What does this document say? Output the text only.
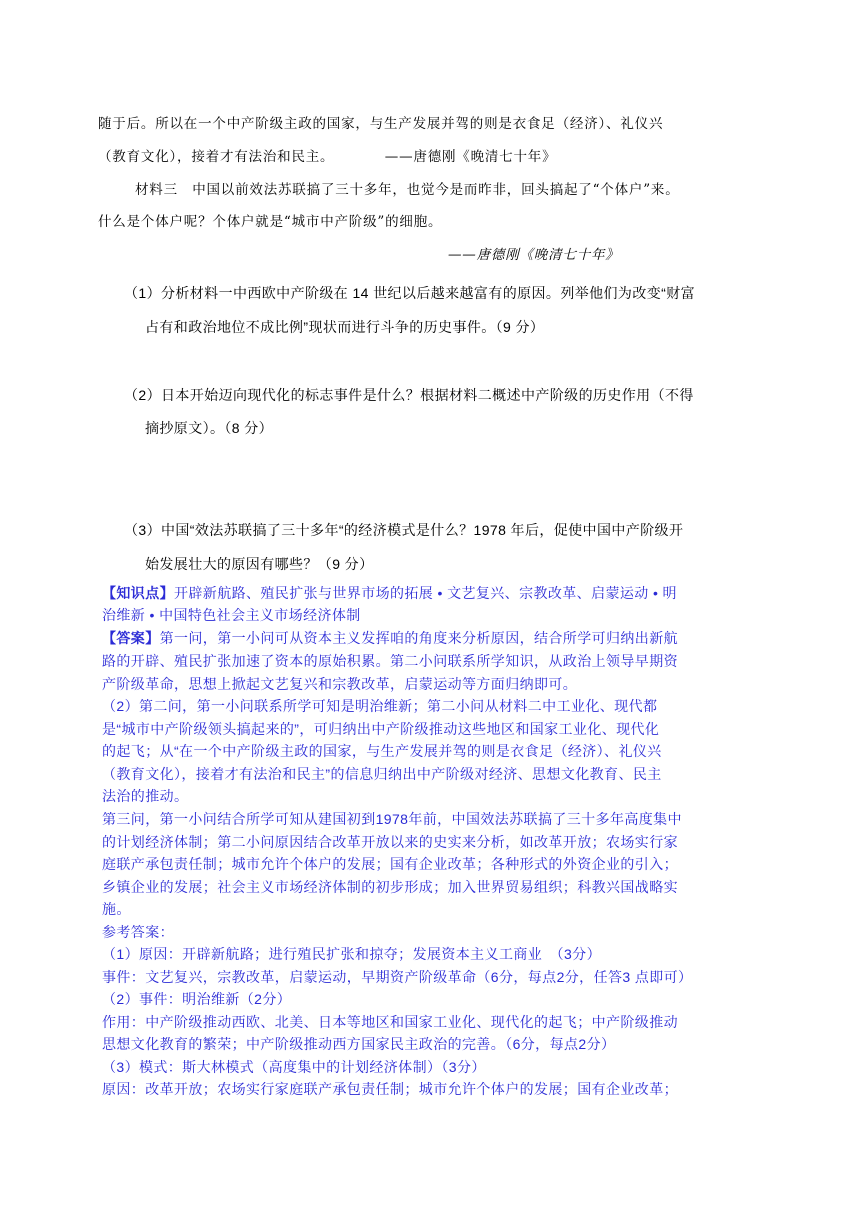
随于后。所以在一个中产阶级主政的国家，与生产发展并驾的则是衣食足（经济）、礼仪兴
（教育文化），接着才有法治和民主。　　　　——唐德刚《晚清七十年》
材料三　中国以前效法苏联搞了三十多年，也觉今是而昨非，回头搞起了“个体户”来。
什么是个体户呢？个体户就是“城市中产阶级”的细胞。
——唐德刚《晚清七十年》
（1）分析材料一中西欧中产阶级在 14 世纪以后越来越富有的原因。列举他们为改变“财富
占有和政治地位不成比例”现状而进行斗争的历史事件。（9 分）
（2）日本开始迈向现代化的标志事件是什么？根据材料二概述中产阶级的历史作用（不得
摘抄原文）。（8 分）
（3）中国“效法苏联搞了三十多年“的经济模式是什么？1978 年后，促使中国中产阶级开
始发展壮大的原因有哪些？（9 分）
【知识点】开辟新航路、殖民扩张与世界市场的拓展 • 文艺复兴、宗教改革、启蒙运动 • 明
治维新 • 中国特色社会主义市场经济体制
【答案】第一问，第一小问可从资本主义发挥咱的角度来分析原因，结合所学可归纳出新航
路的开辟、殖民扩张加速了资本的原始积累。第二小问联系所学知识，从政治上领导早期资
产阶级革命，思想上掀起文艺复兴和宗教改革，启蒙运动等方面归纳即可。
（2）第二问，第一小问联系所学可知是明治维新；第二小问从材料二中工业化、现代都
是“城市中产阶级领头搞起来的”，可归纳出中产阶级推动这些地区和国家工业化、现代化
的起飞；从“在一个中产阶级主政的国家，与生产发展并驾的则是衣食足（经济）、礼仪兴
（教育文化），接着才有法治和民主”的信息归纳出中产阶级对经济、思想文化教育、民主
法治的推动。
第三问，第一小问结合所学可知从建国初到1978年前，中国效法苏联搞了三十多年高度集中
的计划经济体制；第二小问原因结合改革开放以来的史实来分析，如改革开放；农场实行家
庭联产承包责任制；城市允许个体户的发展；国有企业改革；各种形式的外资企业的引入；
乡镇企业的发展；社会主义市场经济体制的初步形成；加入世界贸易组织；科教兴国战略实
施。
参考答案：
（1）原因：开辟新航路；进行殖民扩张和掠夺；发展资本主义工商业　（3分）
事件：文艺复兴，宗教改革，启蒙运动，早期资产阶级革命（6分，每点2分，任答3 点即可）
（2）事件：明治维新（2分）
作用：中产阶级推动西欧、北美、日本等地区和国家工业化、现代化的起飞；中产阶级推动
思想文化教育的繁荣；中产阶级推动西方国家民主政治的完善。（6分，每点2分）
（3）模式：斯大林模式（高度集中的计划经济体制）（3分）
原因：改革开放；农场实行家庭联产承包责任制；城市允许个体户的发展；国有企业改革；
